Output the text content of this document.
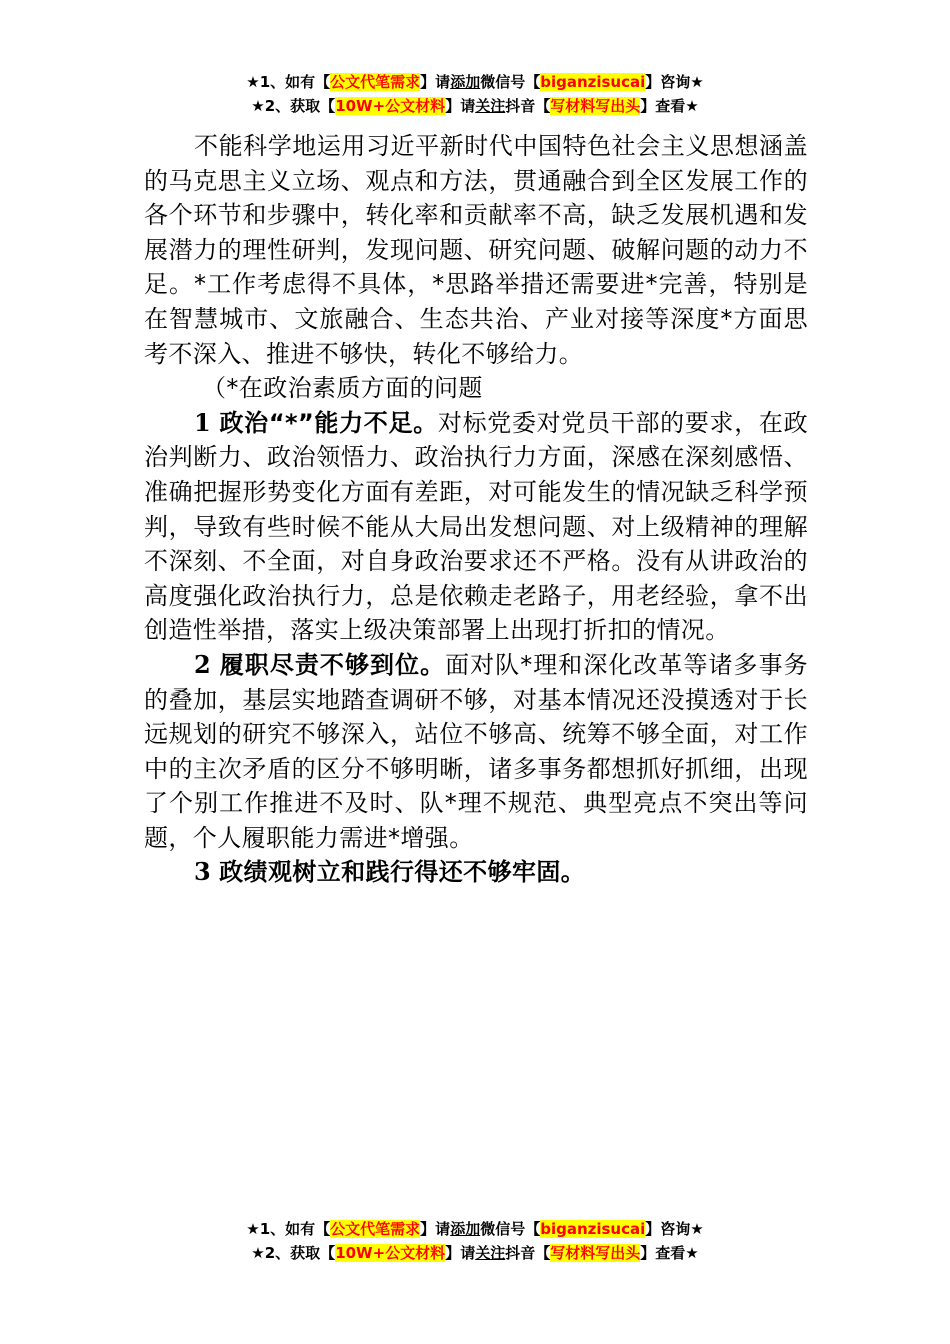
★1、如有【公文代笔需求】请添加微信号【biganzisucai】咨询★
★2、获取【10W+公文材料】请关注抖音【写材料写出头】查看★

不能科学地运用习近平新时代中国特色社会主义思想涵盖的马克思主义立场、观点和方法，贯通融合到全区发展工作的各个环节和步骤中，转化率和贡献率不高，缺乏发展机遇和发展潜力的理性研判，发现问题、研究问题、破解问题的动力不足。*工作考虑得不具体，*思路举措还需要进*完善，特别是在智慧城市、文旅融合、生态共治、产业对接等深度*方面思考不深入、推进不够快，转化不够给力。

（*在政治素质方面的问题

1 政治“*”能力不足。对标党委对党员干部的要求，在政治判断力、政治领悟力、政治执行力方面，深感在深刻感悟、准确把握形势变化方面有差距，对可能发生的情况缺乏科学预判，导致有些时候不能从大局出发想问题、对上级精神的理解不深刻、不全面，对自身政治要求还不严格。没有从讲政治的高度强化政治执行力，总是依赖走老路子，用老经验，拿不出创造性举措，落实上级决策部署上出现打折扣的情况。

2 履职尽责不够到位。面对队*理和深化改革等诸多事务的叠加，基层实地踏查调研不够，对基本情况还没摸透对于长远规划的研究不够深入，站位不够高、统筹不够全面，对工作中的主次矛盾的区分不够明晰，诸多事务都想抓好抓细，出现了个别工作推进不及时、队*理不规范、典型亮点不突出等问题，个人履职能力需进*增强。

3 政绩观树立和践行得还不够牢固。

★1、如有【公文代笔需求】请添加微信号【biganzisucai】咨询★
★2、获取【10W+公文材料】请关注抖音【写材料写出头】查看★
